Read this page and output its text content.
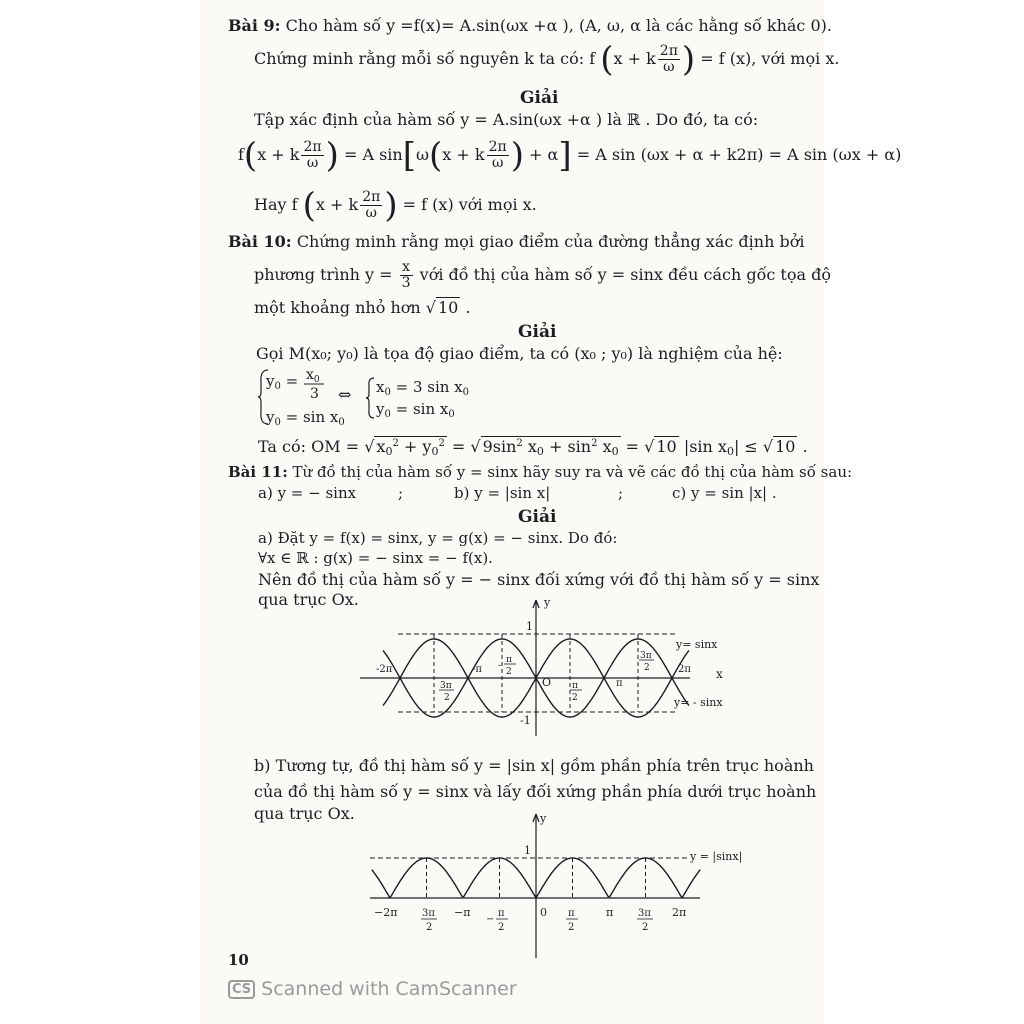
Bài 9: Cho hàm số y =f(x)= A.sin(ωx +α ), (A, ω, α là các hằng số khác 0).
Chứng minh rằng mỗi số nguyên k ta có: f (x + k $\frac{2\pi}{\omega}$ ) = f (x), với mọi x.
Giải
Tập xác định của hàm số y = A.sin(ωx +α ) là ℝ . Do đó, ta có:
f(x + k $\frac{2\pi}{\omega}$ ) = A sin[ω(x + k $\frac{2\pi}{\omega}$ ) + α] = A sin (ωx + α + k2π) = A sin (ωx + α)
Hay f (x + k $\frac{2\pi}{\omega}$ ) = f (x) với mọi x.
Bài 10: Chứng minh rằng mọi giao điểm của đường thẳng xác định bởi
phương trình $y = \frac{x}{3}$ với đồ thị của hàm số y = sinx đều cách gốc tọa độ
một khoảng nhỏ hơn √ 10 .
Giải
Gọi M(x₀; y₀) là tọa độ giao điểm, ta có (x₀ ; y₀) là nghiệm của hệ:
$y_0 = x_0$
3
$y_0 = \sin x_0$
⇔ $x_0 = 3$ $\sin x_0$
$y_0 = \sin x_0$
Ta có: OM = √ $x_0^2 + y_0^2$ = √ $9\sin^2$ $x_0 + \sin^2 x_0$ = √ 10 |sin $x_0|$ ≤ √ 10 .
Bài 11: Từ đồ thị của hàm số y = sinx hãy suy ra và vẽ các đồ thị của hàm số sau:
a) y = − sinx	;	b) y = |sin x|	;	c) y = sin |x| .
Giải
a) Đặt y = f(x) = sinx, y = g(x) = − sinx. Do đó:
∀x ∈ ℝ : g(x) = − sinx = − f(x).
Nên đồ thị của hàm số y = − sinx đối xứng với đồ thị hàm số y = sinx
qua trục Ox.	y
x
1
-1
O
y= sinx
y= - sinx
-2π	-π
π
2π
3π
2
-
π
2
π
2
3π
2
b) Tương tự, đồ thị hàm số y = |sin x| gồm phần phía trên trục hoành
của đồ thị hàm số y = sinx và lấy đối xứng phần phía dưới trục hoành
qua trục Ox.	y
1
0
y = |sinx|
−2π	−π	π	2π
3π
2
−
π
2
π
2
3π
2
10
CS Scanned with CamScanner
